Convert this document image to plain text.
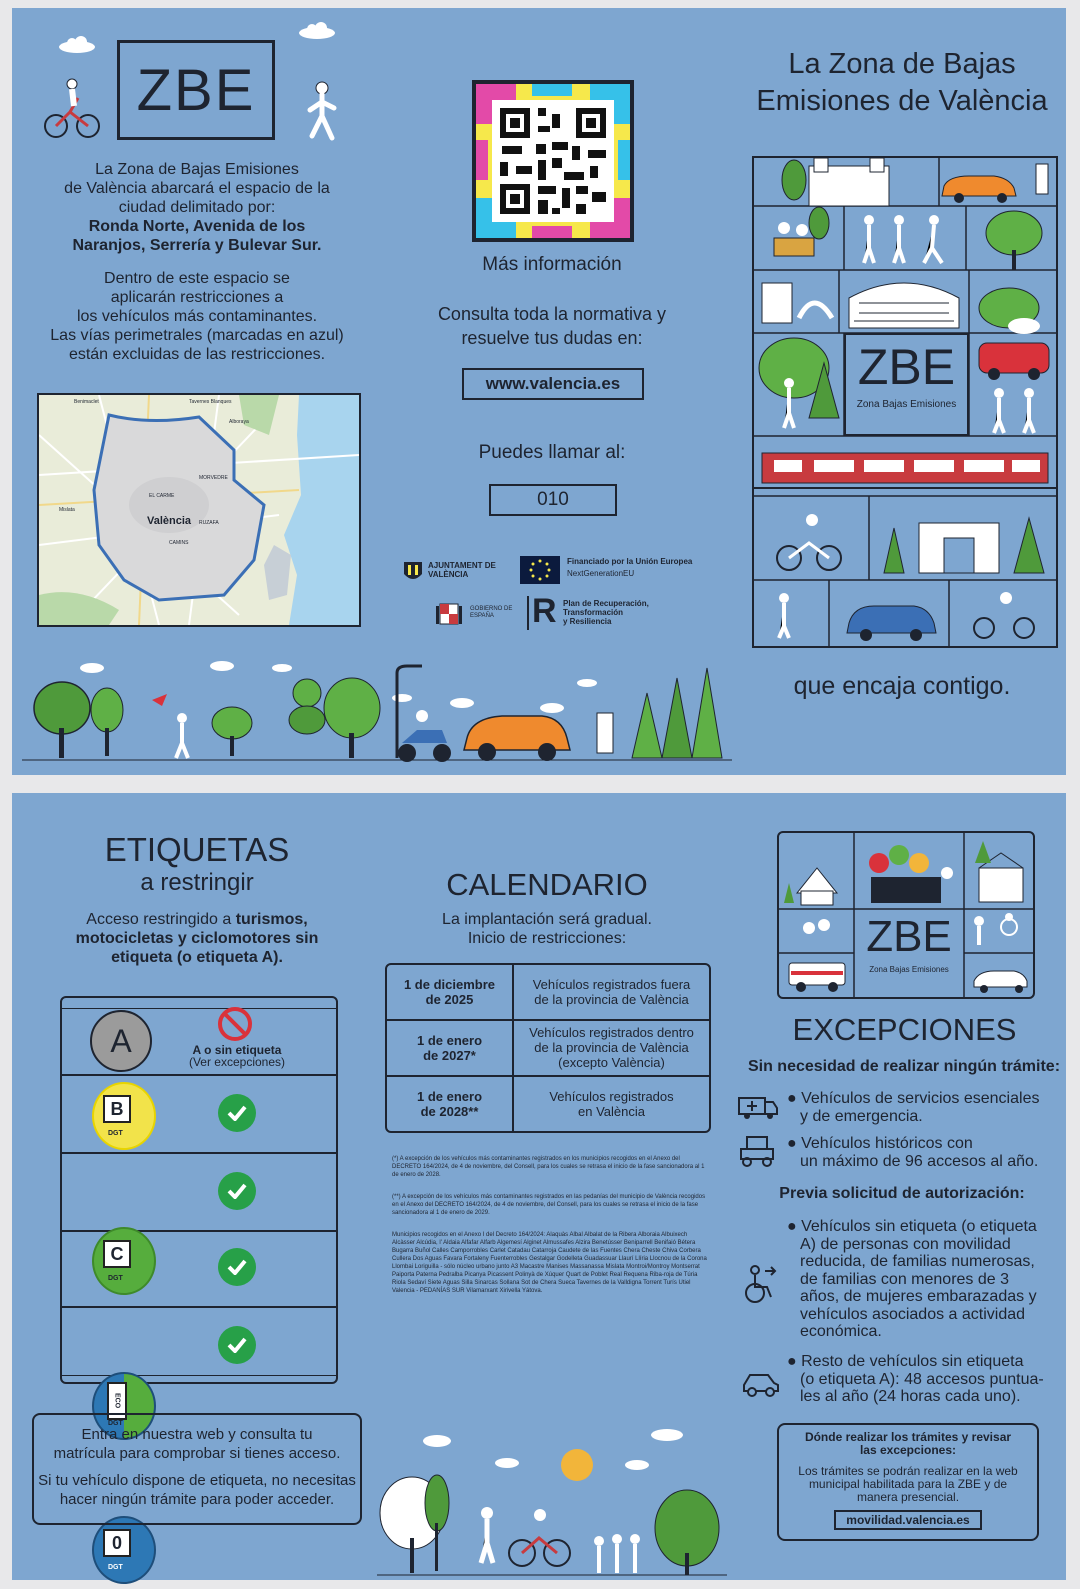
ZBE
La Zona de Bajas Emisiones
de València abarcará el espacio de la
ciudad delimitado por:
Ronda Norte, Avenida de los
Naranjos, Serrería y Bulevar Sur.
Dentro de este espacio se
aplicarán restricciones a
los vehículos más contaminantes.
Las vías perimetrales (marcadas en azul)
están excluidas de las restricciones.
València
Tavernes Blanques
Benimaclet
Alboraya
Mislata
EL CARME
RUZAFA
MORVEDRE
CAMINS
Más información
Consulta toda la normativa y
resuelve tus dudas en:
www.valencia.es
Puedes llamar al:
010
AJUNTAMENT DE VALÈNCIA
Financiado por la Unión Europea
NextGenerationEU
GOBIERNO DE ESPAÑA	R Plan de Recuperación,
Transformación
y Resiliencia
La Zona de Bajas
Emisiones de València
ZBE
Zona Bajas Emisiones
que encaja contigo.
ETIQUETAS
a restringir
Acceso restringido a turismos,
motocicletas y ciclomotores sin
etiqueta (o etiqueta A).
A	A o sin etiqueta
(Ver excepciones)
B
DGT
C
DGT
ECO
DGT
0
DGT
Entra en nuestra web y consulta tu
matrícula para comprobar si tienes acceso.
Si tu vehículo dispone de etiqueta, no necesitas
hacer ningún trámite para poder acceder.
CALENDARIO
La implantación será gradual.
Inicio de restricciones:
1 de diciembre
de 2025
Vehículos registrados fuera
de la provincia de València
1 de enero
de 2027*
Vehículos registrados dentro
de la provincia de València
(excepto València)
1 de enero
de 2028**
Vehículos registrados
en València
(*) A excepción de los vehículos más contaminantes registrados en los municipios recogidos en el Anexo del DECRETO 164/2024, de 4 de noviembre, del Consell, para los cuales se retrasa el inicio de la fase sancionadora al 1 de enero de 2028.
(**) A excepción de los vehículos más contaminantes registrados en las pedanías del municipio de València recogidos en el Anexo del DECRETO 164/2024, de 4 de noviembre, del Consell, para los cuales se retrasa el inicio de la fase sancionadora al 1 de enero de 2029.
Municipios recogidos en el Anexo I del Decreto 164/2024: Alaquàs Albal Albalat de la Ribera Alboraia Albuixech Alcàsser Alcúdia, l' Aldaia Alfafar Alfarb Algemesí Alginet Almussafes Alzira Benetússer Beniparrell Benifaió Bétera Bugarra Buñol Calles Camporrobles Carlet Catadau Catarroja Caudete de las Fuentes Chera Cheste Chiva Corbera Cullera Dos Aguas Favara Fortaleny Fuenterrobles Gestalgar Godelleta Guadassuar Llaurí Llíria Llocnou de la Corona Llombai Loriguilla - sólo núcleo urbano junto A3 Macastre Manises Massanassa Mislata Montroi/Montroy Montserrat Paiporta Paterna Pedralba Picanya Picassent Polinyà de Xúquer Quart de Poblet Real Requena Riba-roja de Túria Riola Sedaví Siete Aguas Silla Sinarcas Sollana Sot de Chera Sueca Tavernes de la Valldigna Torrent Turís Utiel Valencia - PEDANÍAS SUR Vilamarxant Xirivella Yátova.
ZBE
Zona Bajas Emisiones
EXCEPCIONES
Sin necesidad de realizar ningún trámite:
● Vehículos de servicios esenciales
y de emergencia.
● Vehículos históricos con
un máximo de 96 accesos al año.
Previa solicitud de autorización:
● Vehículos sin etiqueta (o etiqueta
A) de personas con movilidad
reducida, de familias numerosas,
de familias con menores de 3
años, de mujeres embarazadas y
vehículos asociados a actividad
económica.
● Resto de vehículos sin etiqueta
(o etiqueta A): 48 accesos puntua-
les al año (24 horas cada uno).
Dónde realizar los trámites y revisar
las excepciones:
Los trámites se podrán realizar en la web
municipal habilitada para la ZBE y de
manera presencial.
movilidad.valencia.es
